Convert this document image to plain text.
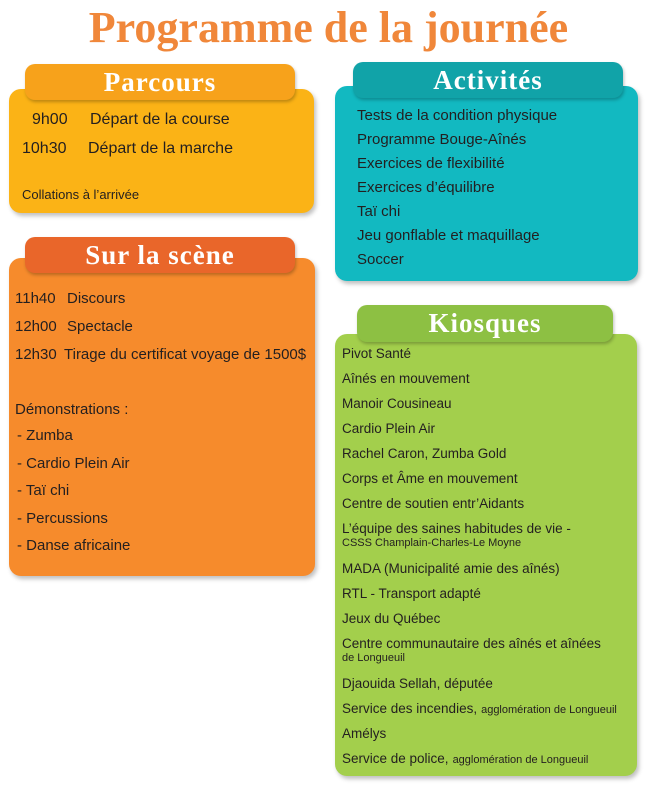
Programme de la journée
Parcours
9h00 Départ de la course
10h30 Départ de la marche
Collations à l’arrivée
Activités
Tests de la condition physique
Programme Bouge-Aînés
Exercices de flexibilité
Exercices d’équilibre
Taï chi
Jeu gonflable et maquillage
Soccer
Sur la scène
11h40 Discours
12h00 Spectacle
12h30 Tirage du certificat voyage de 1500$
Démonstrations :
- Zumba
- Cardio Plein Air
- Taï chi
- Percussions
- Danse africaine
Kiosques
Pivot Santé
Aînés en mouvement
Manoir Cousineau
Cardio Plein Air
Rachel Caron, Zumba Gold
Corps et Âme en mouvement
Centre de soutien entr’Aidants
L’équipe des saines habitudes de vie -
CSSS Champlain-Charles-Le Moyne
MADA (Municipalité amie des aînés)
RTL - Transport adapté
Jeux du Québec
Centre communautaire des aînés et aînées
de Longueuil
Djaouida Sellah, députée
Service des incendies, agglomération de Longueuil
Amélys
Service de police, agglomération de Longueuil
